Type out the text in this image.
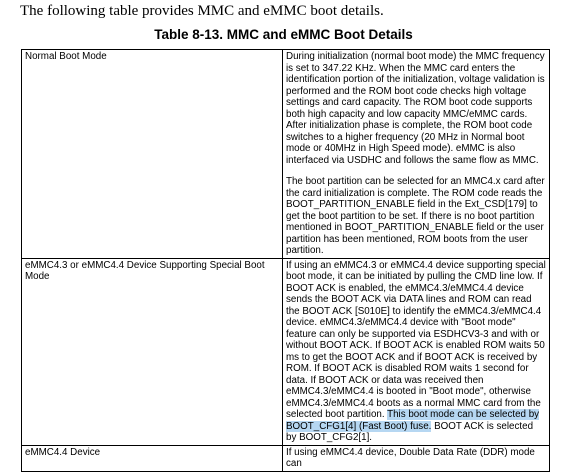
The following table provides MMC and eMMC boot details.
Table 8-13. MMC and eMMC Boot Details
Normal Boot Mode	During initialization (normal boot mode) the MMC frequency is set to 347.22 KHz. When the MMC card enters the identification portion of the initialization, voltage validation is performed and the ROM boot code checks high voltage settings and card capacity. The ROM boot code supports both high capacity and low capacity MMC/eMMC cards. After initialization phase is complete, the ROM boot code switches to a higher frequency (20 MHz in Normal boot mode or 40MHz in High Speed mode). eMMC is also interfaced via USDHC and follows the same flow as MMC.

The boot partition can be selected for an MMC4.x card after the card initialization is complete. The ROM code reads the BOOT_PARTITION_ENABLE field in the Ext_CSD[179] to get the boot partition to be set. If there is no boot partition mentioned in BOOT_PARTITION_ENABLE field or the user partition has been mentioned, ROM boots from the user partition.

eMMC4.3 or eMMC4.4 Device Supporting Special Boot Mode	If using an eMMC4.3 or eMMC4.4 device supporting special boot mode, it can be initiated by pulling the CMD line low. If BOOT ACK is enabled, the eMMC4.3/eMMC4.4 device sends the BOOT ACK via DATA lines and ROM can read the BOOT ACK [S010E] to identify the eMMC4.3/eMMC4.4 device. eMMC4.3/eMMC4.4 device with "Boot mode" feature can only be supported via ESDHCV3-3 and with or without BOOT ACK. If BOOT ACK is enabled ROM waits 50 ms to get the BOOT ACK and if BOOT ACK is received by ROM. If BOOT ACK is disabled ROM waits 1 second for data. If BOOT ACK or data was received then eMMC4.3/eMMC4.4 is booted in "Boot mode", otherwise eMMC4.3/eMMC4.4 boots as a normal MMC card from the selected boot partition. This boot mode can be selected by BOOT_CFG1[4] (Fast Boot) fuse. BOOT ACK is selected by BOOT_CFG2[1].

eMMC4.4 Device	If using eMMC4.4 device, Double Data Rate (DDR) mode can
